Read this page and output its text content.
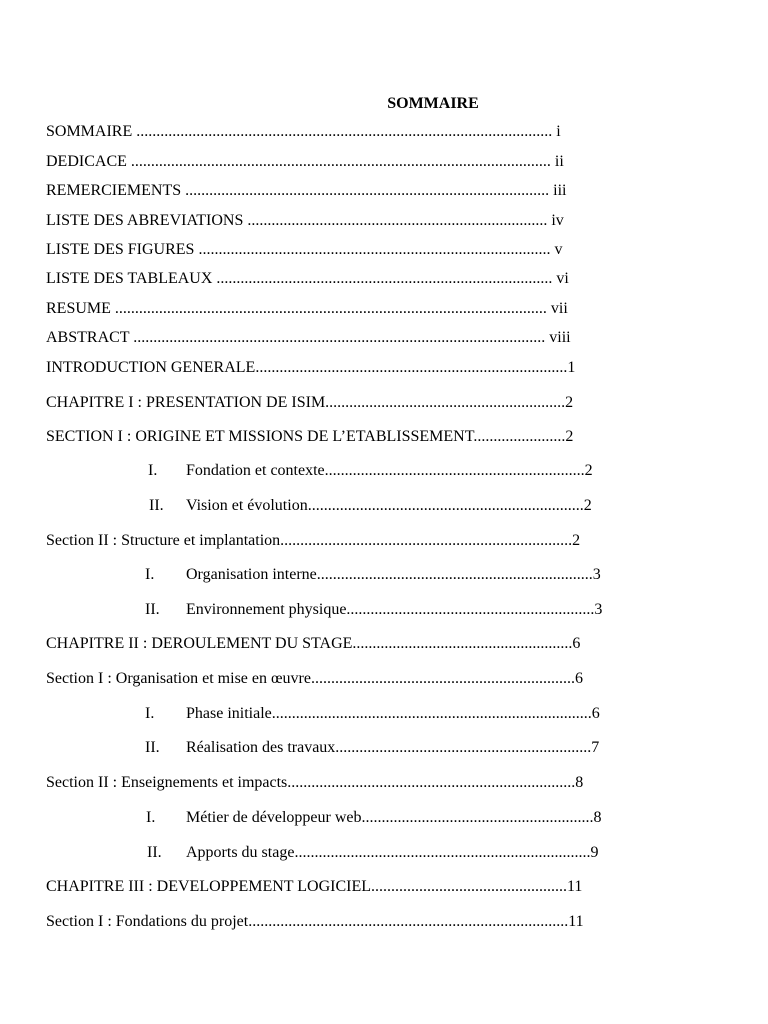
SOMMAIRE
SOMMAIRE ........................................................................................................ i
DEDICACE ......................................................................................................... ii
REMERCIEMENTS ........................................................................................... iii
LISTE DES ABREVIATIONS ........................................................................... iv
LISTE DES FIGURES ........................................................................................ v
LISTE DES TABLEAUX .................................................................................... vi
RESUME ............................................................................................................ vii
ABSTRACT ....................................................................................................... viii
INTRODUCTION GENERALE..............................................................................1
CHAPITRE I : PRESENTATION DE ISIM............................................................2
SECTION I : ORIGINE ET MISSIONS DE L’ETABLISSEMENT.......................2
I. Fondation et contexte.................................................................2
II. Vision et évolution.....................................................................2
Section II : Structure et implantation.........................................................................2
I. Organisation interne.....................................................................3
II. Environnement physique..............................................................3
CHAPITRE II : DEROULEMENT DU STAGE.......................................................6
Section I : Organisation et mise en œuvre..................................................................6
I. Phase initiale................................................................................6
II. Réalisation des travaux................................................................7
Section II : Enseignements et impacts........................................................................8
I. Métier de développeur web..........................................................8
II. Apports du stage..........................................................................9
CHAPITRE III : DEVELOPPEMENT LOGICIEL.................................................11
Section I : Fondations du projet................................................................................11
